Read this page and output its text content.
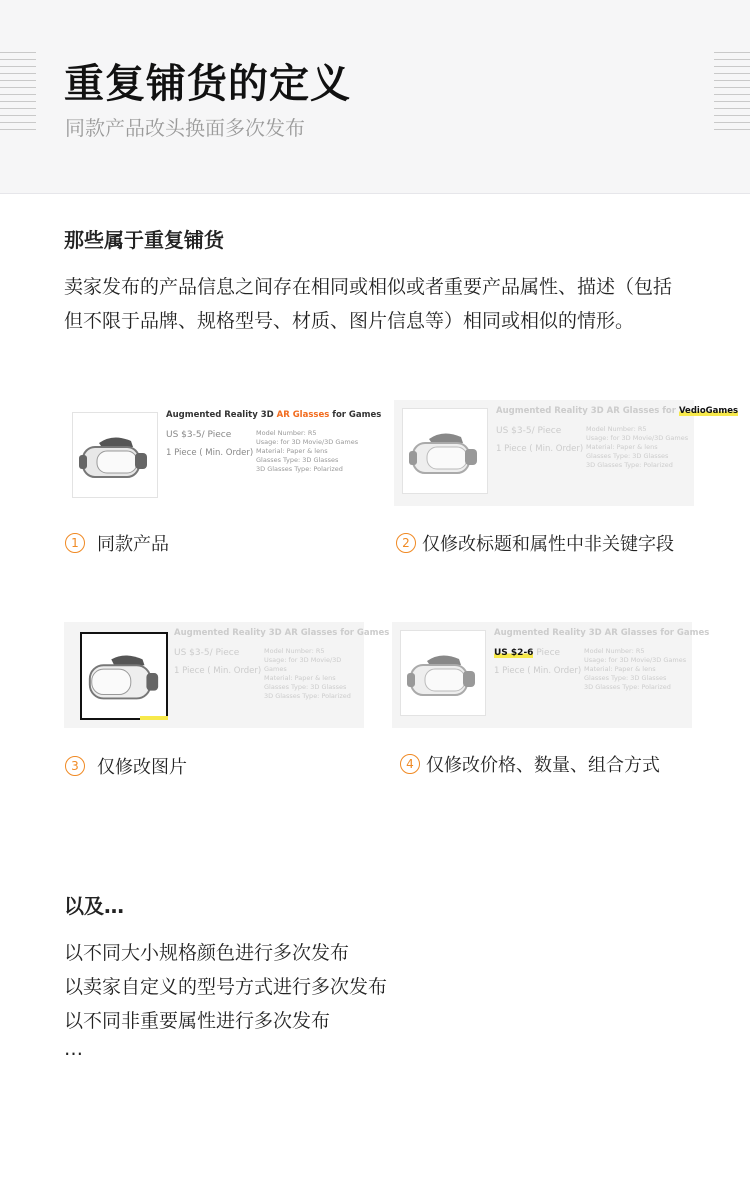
重复铺货的定义
同款产品改头换面多次发布
那些属于重复铺货
卖家发布的产品信息之间存在相同或相似或者重要产品属性、描述（包括但不限于品牌、规格型号、材质、图片信息等）相同或相似的情形。
Augmented Reality 3D AR Glasses for Games
US $3-5/ Piece
1 Piece ( Min. Order)
Model Number: R5
Usage: for 3D Movie/3D Games
Material: Paper & lens
Glasses Type: 3D Glasses
3D Glasses Type: Polarized
Augmented Reality 3D AR Glasses for VedioGames
US $3-5/ Piece
1 Piece ( Min. Order)
Model Number: R5
Usage: for 3D Movie/3D Games
Material: Paper & lens
Glasses Type: 3D Glasses
3D Glasses Type: Polarized
1	同款产品	2 仅修改标题和属性中非关键字段
Augmented Reality 3D AR Glasses for Games
US $3-5/ Piece
1 Piece ( Min. Order)
Model Number: R5
Usage: for 3D Movie/3D Games
Material: Paper & lens
Glasses Type: 3D Glasses
3D Glasses Type: Polarized
Augmented Reality 3D AR Glasses for Games
US $2-6 Piece
1 Piece ( Min. Order)
Model Number: R5
Usage: for 3D Movie/3D Games
Material: Paper & lens
Glasses Type: 3D Glasses
3D Glasses Type: Polarized
3	仅修改图片	4 仅修改价格、数量、组合方式
以及…
以不同大小规格颜色进行多次发布
以卖家自定义的型号方式进行多次发布
以不同非重要属性进行多次发布
…
